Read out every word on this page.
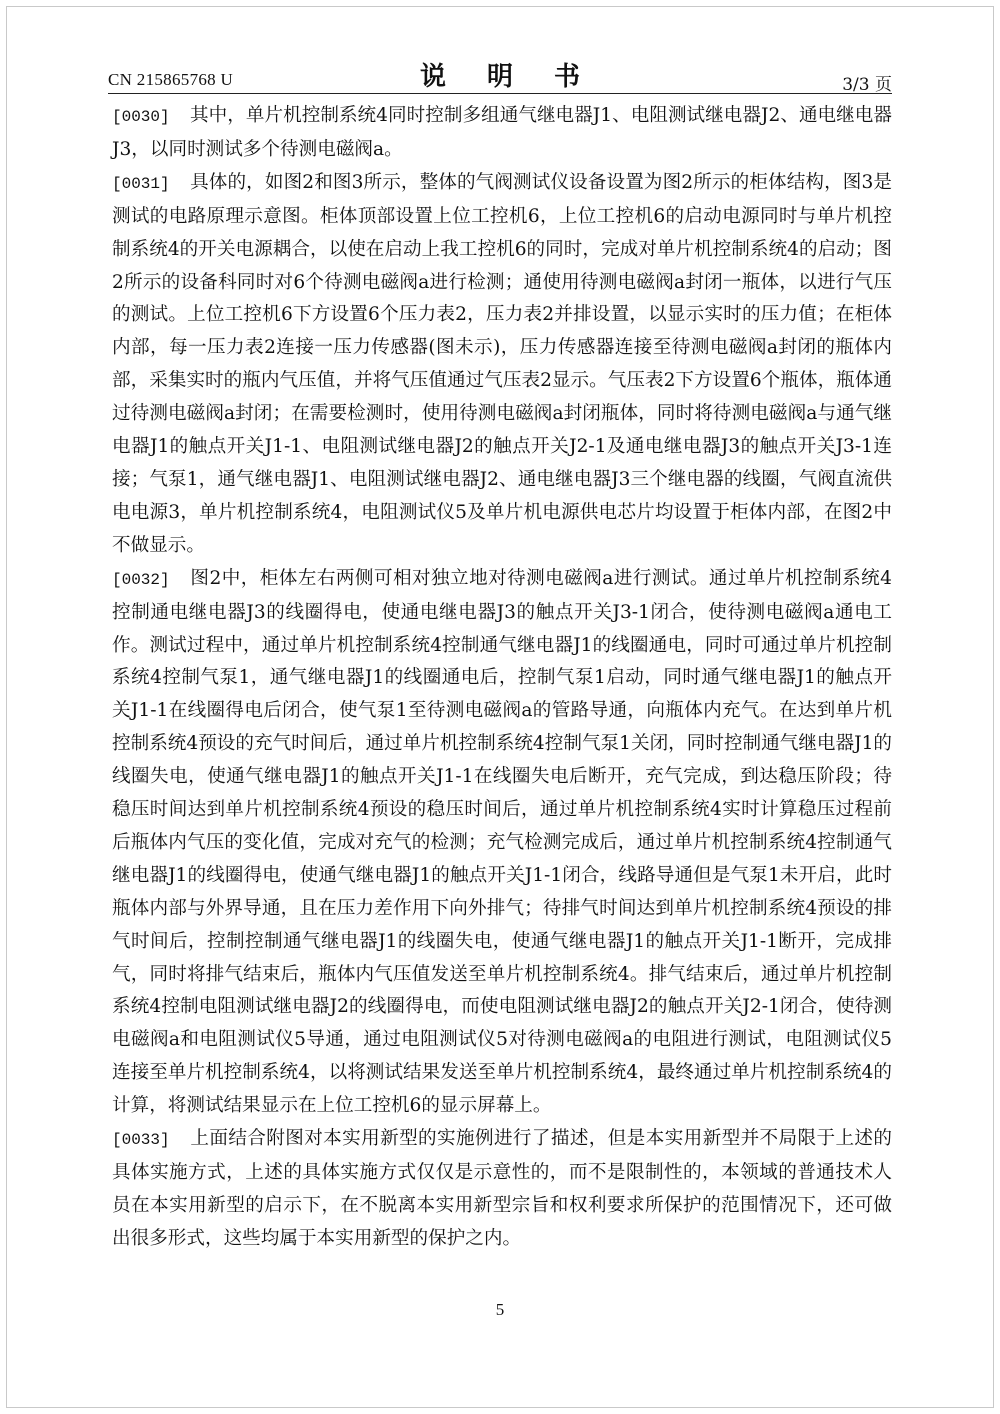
CN 215865768 U	说 明 书	3/3 页

[0030] 其中，单片机控制系统4同时控制多组通气继电器J1、电阻测试继电器J2、通电继电器J3，以同时测试多个待测电磁阀a。

[0031] 具体的，如图2和图3所示，整体的气阀测试仪设备设置为图2所示的柜体结构，图3是测试的电路原理示意图。柜体顶部设置上位工控机6，上位工控机6的启动电源同时与单片机控制系统4的开关电源耦合，以使在启动上我工控机6的同时，完成对单片机控制系统4的启动；图2所示的设备科同时对6个待测电磁阀a进行检测；通使用待测电磁阀a封闭一瓶体，以进行气压的测试。上位工控机6下方设置6个压力表2，压力表2并排设置，以显示实时的压力值；在柜体内部，每一压力表2连接一压力传感器(图未示)，压力传感器连接至待测电磁阀a封闭的瓶体内部，采集实时的瓶内气压值，并将气压值通过气压表2显示。气压表2下方设置6个瓶体，瓶体通过待测电磁阀a封闭；在需要检测时，使用待测电磁阀a封闭瓶体，同时将待测电磁阀a与通气继电器J1的触点开关J1-1、电阻测试继电器J2的触点开关J2-1及通电继电器J3的触点开关J3-1连接；气泵1，通气继电器J1、电阻测试继电器J2、通电继电器J3三个继电器的线圈，气阀直流供电电源3，单片机控制系统4，电阻测试仪5及单片机电源供电芯片均设置于柜体内部，在图2中不做显示。

[0032] 图2中，柜体左右两侧可相对独立地对待测电磁阀a进行测试。通过单片机控制系统4控制通电继电器J3的线圈得电，使通电继电器J3的触点开关J3-1闭合，使待测电磁阀a通电工作。测试过程中，通过单片机控制系统4控制通气继电器J1的线圈通电，同时可通过单片机控制系统4控制气泵1，通气继电器J1的线圈通电后，控制气泵1启动，同时通气继电器J1的触点开关J1-1在线圈得电后闭合，使气泵1至待测电磁阀a的管路导通，向瓶体内充气。在达到单片机控制系统4预设的充气时间后，通过单片机控制系统4控制气泵1关闭，同时控制通气继电器J1的线圈失电，使通气继电器J1的触点开关J1-1在线圈失电后断开，充气完成，到达稳压阶段；待稳压时间达到单片机控制系统4预设的稳压时间后，通过单片机控制系统4实时计算稳压过程前后瓶体内气压的变化值，完成对充气的检测；充气检测完成后，通过单片机控制系统4控制通气继电器J1的线圈得电，使通气继电器J1的触点开关J1-1闭合，线路导通但是气泵1未开启，此时瓶体内部与外界导通，且在压力差作用下向外排气；待排气时间达到单片机控制系统4预设的排气时间后，控制控制通气继电器J1的线圈失电，使通气继电器J1的触点开关J1-1断开，完成排气，同时将排气结束后，瓶体内气压值发送至单片机控制系统4。排气结束后，通过单片机控制系统4控制电阻测试继电器J2的线圈得电，而使电阻测试继电器J2的触点开关J2-1闭合，使待测电磁阀a和电阻测试仪5导通，通过电阻测试仪5对待测电磁阀a的电阻进行测试，电阻测试仪5连接至单片机控制系统4，以将测试结果发送至单片机控制系统4，最终通过单片机控制系统4的计算，将测试结果显示在上位工控机6的显示屏幕上。

[0033] 上面结合附图对本实用新型的实施例进行了描述，但是本实用新型并不局限于上述的具体实施方式，上述的具体实施方式仅仅是示意性的，而不是限制性的，本领域的普通技术人员在本实用新型的启示下，在不脱离本实用新型宗旨和权利要求所保护的范围情况下，还可做出很多形式，这些均属于本实用新型的保护之内。

5
